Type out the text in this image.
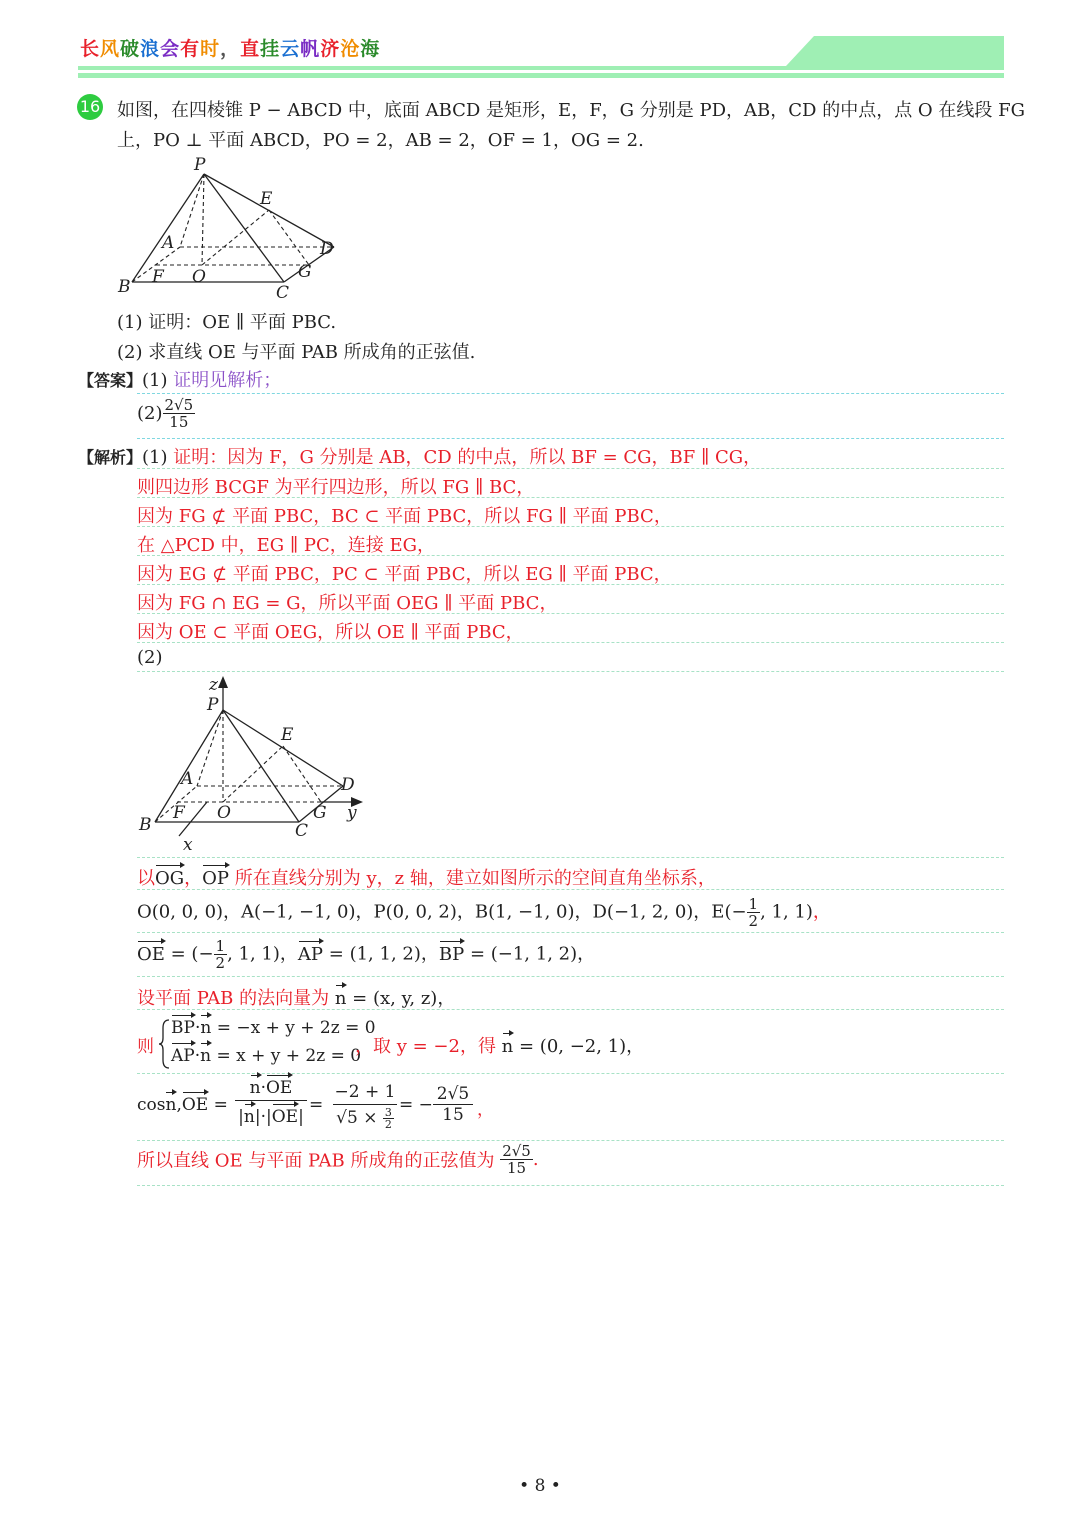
长风破浪会有时，直挂云帆济沧海
16 如图，在四棱锥 P − ABCD 中，底面 ABCD 是矩形，E，F，G 分别是 PD，AB，CD 的中点，点 O 在线段 FG
上，PO ⊥ 平面 ABCD，PO = 2，AB = 2，OF = 1，OG = 2.
P
E
A	D
B F O	G
C
(1) 证明：OE ∥ 平面 PBC.
(2) 求直线 OE 与平面 PAB 所成角的正弦值.
【答案】(1) 证明见解析；
$(2) \frac{2√5}{15}$
【解析】(1) 证明：因为 F，G 分别是 AB，CD 的中点，所以 BF = CG，BF ∥ CG，
则四边形 BCGF 为平行四边形，所以 FG ∥ BC，
因为 FG ⊄ 平面 PBC，BC ⊂ 平面 PBC，所以 FG ∥ 平面 PBC，
在 △PCD 中，EG ∥ PC，连接 EG，
因为 EG ⊄ 平面 PBC，PC ⊂ 平面 PBC，所以 EG ∥ 平面 PBC，
因为 FG ∩ EG = G，所以平面 OEG ∥ 平面 PBC，
因为 OE ⊂ 平面 OEG，所以 OE ∥ 平面 PBC，
(2)
z
P
E
A	D
B
F O	G y
C
x
以OG，OP 所在直线分别为 y，z 轴，建立如图所示的空间直角坐标系，
O(0, 0, 0)，A(−1, −1, 0)，P(0, 0, 2)，B(1, −1, 0)，D(−1, 2, 0)，$E(- \frac{1}{2}$ , 1, 1)，
OE = (− $\frac{1}{2}$ , 1, 1)，AP = (1, 1, 2)，BP = (−1, 1, 2)，
设平面 PAB 的法向量为 n = (x, y, z)，
则
BP·n = −x + y + 2z = 0
AP·n = x + y + 2z = 0
，取 y = −2，得 n = (0, −2, 1)，
cosn,OE =
n·OE
|n|·|OE|
=
−2 + 1
$√5 \times \frac{3}{2}$
= −
2√5
15 ，
所以直线 OE 与平面 PAB 所成角的正弦值为 $\frac{2√5}{15}$ .
• 8 •
